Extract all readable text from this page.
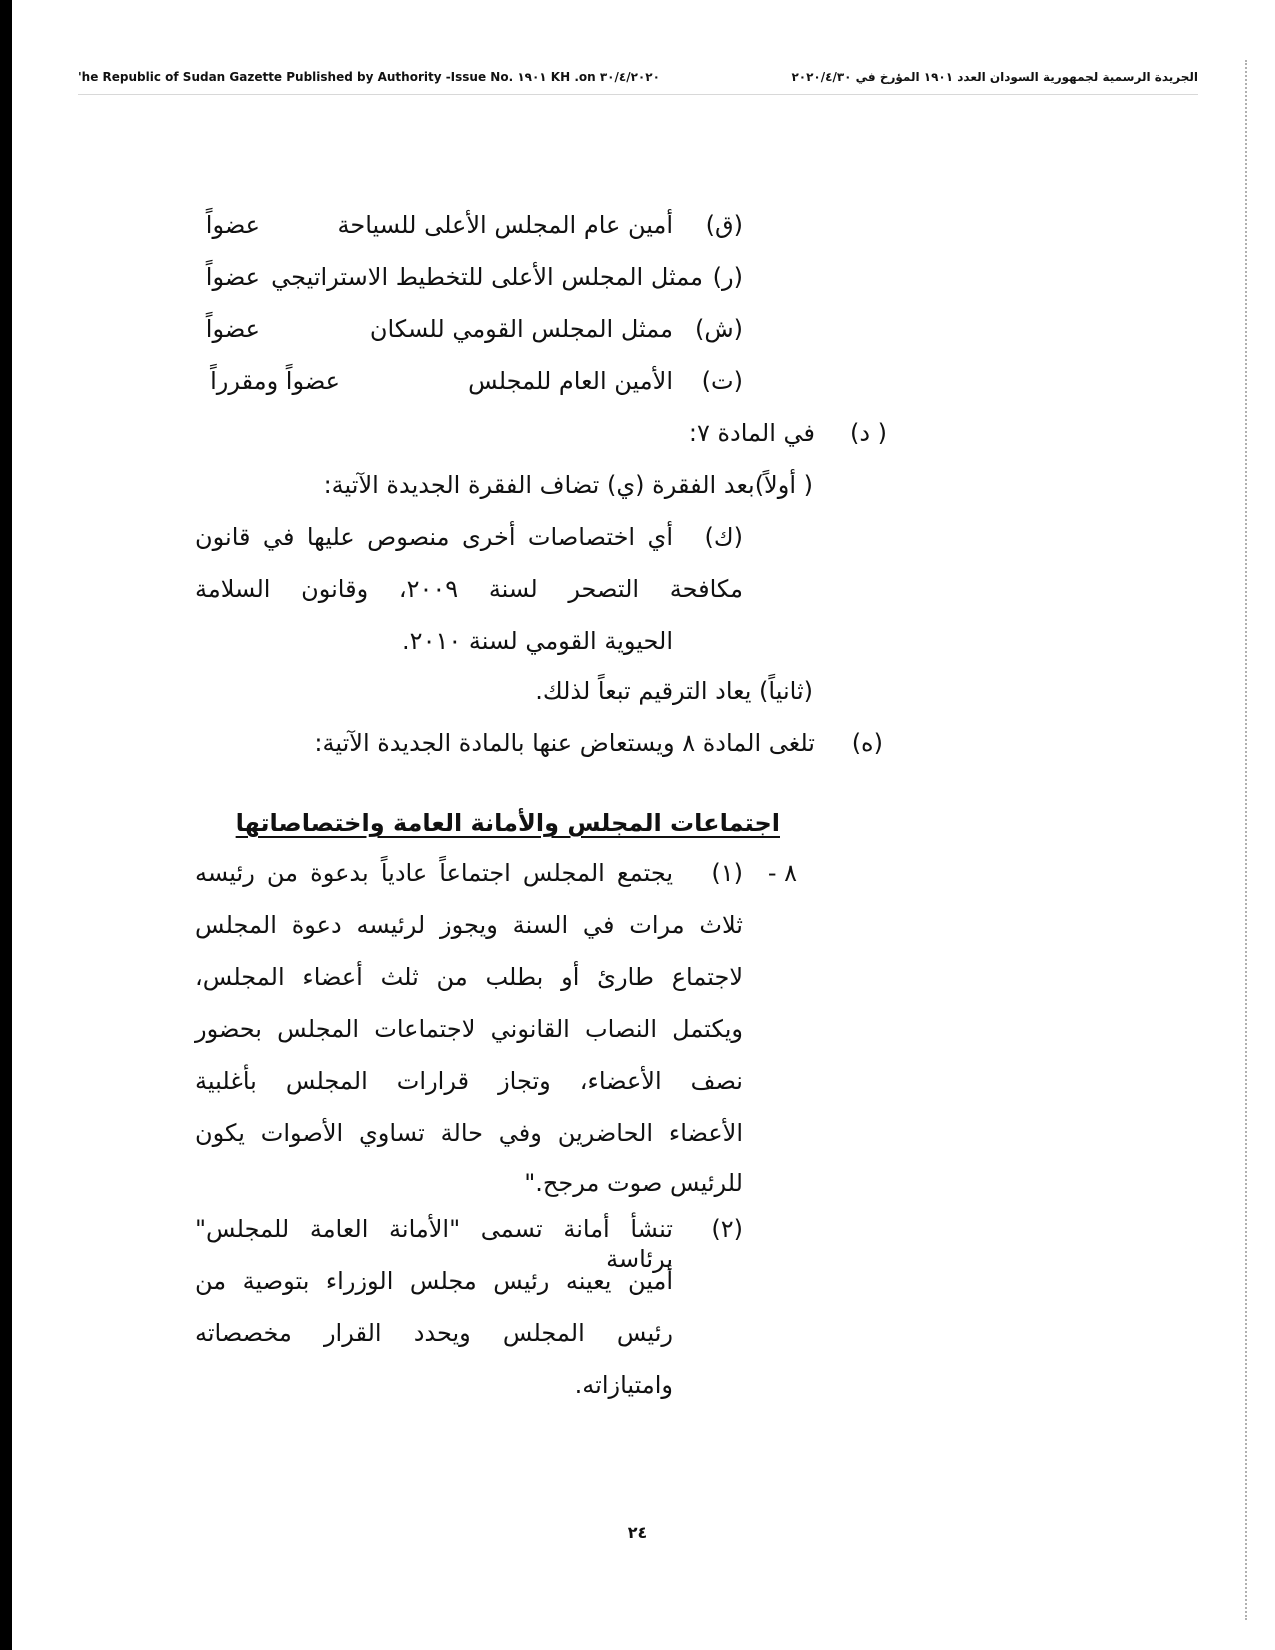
'he Republic of Sudan Gazette Published by Authority -Issue No. ١٩٠١ KH .on ٣٠/٤/٢٠٢٠	الجريدة الرسمية لجمهورية السودان العدد ١٩٠١ المؤرخ في ٢٠٢٠/٤/٣٠
(ق)
أمين عام المجلس الأعلى للسياحة
عضواً
(ر)
ممثل المجلس الأعلى للتخطيط الاستراتيجي
عضواً
(ش)
ممثل المجلس القومي للسكان
عضواً
(ت)
الأمين العام للمجلس
عضواً ومقرراً
( د)
في المادة ٧:
( أولاً)بعد الفقرة (ي) تضاف الفقرة الجديدة الآتية:
(ك)
أي اختصاصات أخرى منصوص عليها في قانون
مكافحة التصحر لسنة ٢٠٠٩، وقانون السلامة
الحيوية القومي لسنة ٢٠١٠.
(ثانياً) يعاد الترقيم تبعاً لذلك.
(ه)
تلغى المادة ٨ ويستعاض عنها بالمادة الجديدة الآتية:
اجتماعات المجلس والأمانة العامة واختصاصاتها
٨ -
(١)
يجتمع المجلس اجتماعاً عادياً بدعوة من رئيسه
ثلاث مرات في السنة ويجوز لرئيسه دعوة المجلس
لاجتماع طارئ أو بطلب من ثلث أعضاء المجلس،
ويكتمل النصاب القانوني لاجتماعات المجلس بحضور
نصف الأعضاء، وتجاز قرارات المجلس بأغلبية
الأعضاء الحاضرين وفي حالة تساوي الأصوات يكون
للرئيس صوت مرجح."
(٢)
تنشأ أمانة تسمى "الأمانة العامة للمجلس" برئاسة
أمين يعينه رئيس مجلس الوزراء بتوصية من
رئيس المجلس ويحدد القرار مخصصاته
وامتيازاته.
٢٤
